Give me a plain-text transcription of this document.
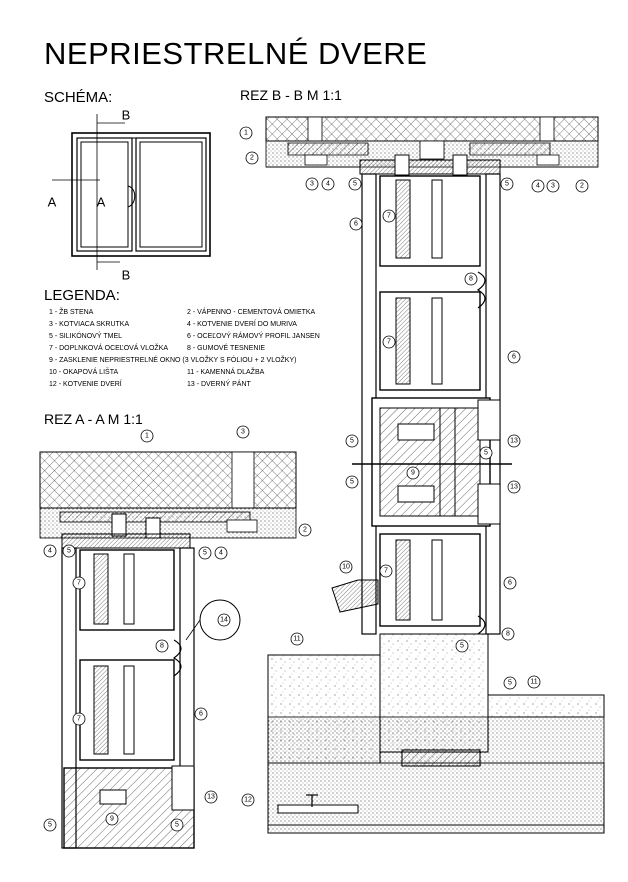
NEPRIESTRELNÉ DVERE
SCHÉMA:	REZ B - B M 1:1
LEGENDA:
REZ A - A M 1:1
1 - ŽB STENA	2 - VÁPENNO - CEMENTOVÁ OMIETKA
3 - KOTVIACA SKRUTKA	4 - KOTVENIE DVERÍ DO MURIVA
5 - SILIKÓNOVÝ TMEL	6 - OCEĽOVÝ RÁMOVÝ PROFIL JANSEN
7 - DOPLNKOVÁ OCEĽOVÁ VLOŽKA	8 - GUMOVÉ TESNENIE
9 - ZASKLENIE NEPRIESTRELNÉ OKNO (3 VLOŽKY S FÓLIOU + 2 VLOŽKY)
10 - OKAPOVÁ LIŠTA	11 - KAMENNÁ DLAŽBA
12 - KOTVENIE DVERÍ	13 - DVERNÝ PÁNT
B
B
A	A
1
2
3 4	5	5	4 3	2
6
7
8
7
6
5
5
13
9
5
13
10
7
6
8
11
5
5	11
12
1
3
4 5	5 4
2
7
14
8
7
6
13
5
9
5
